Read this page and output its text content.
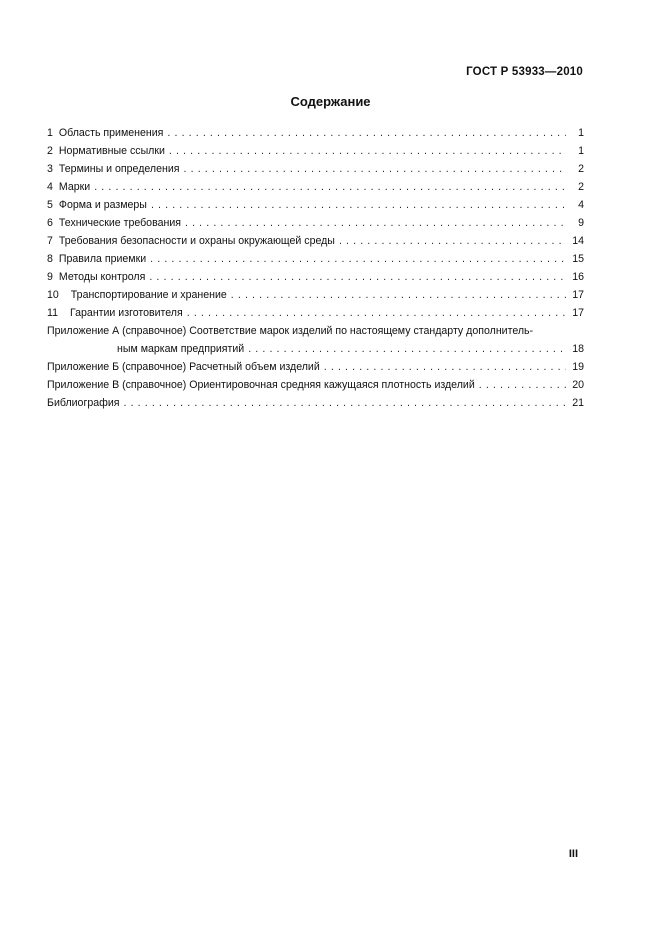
ГОСТ Р 53933—2010
Содержание
1 Область применения . . .	1
2 Нормативные ссылки . . .	1
3 Термины и определения . . .	2
4 Марки . . .	2
5 Форма и размеры . . .	4
6 Технические требования . . .	9
7 Требования безопасности и охраны окружающей среды . . .	14
8 Правила приемки . . .	15
9 Методы контроля . . .	16
10 Транспортирование и хранение . . .	17
11 Гарантии изготовителя . . .	17
Приложение А (справочное) Соответствие марок изделий по настоящему стандарту дополнитель-
ным маркам предприятий . . .	18
Приложение Б (справочное) Расчетный объем изделий . . .	19
Приложение В (справочное) Ориентировочная средняя кажущаяся плотность изделий . . .	20
Библиография . . .	21
III
